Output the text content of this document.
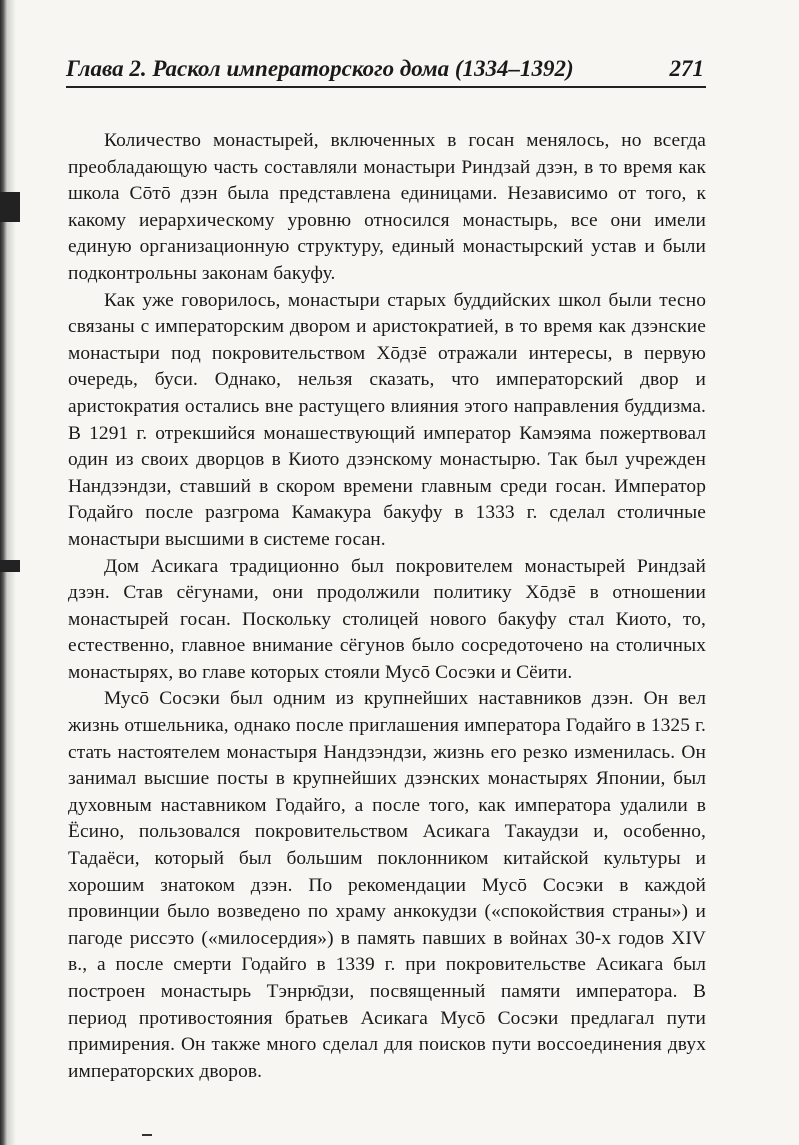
Глава 2. Раскол императорского дома (1334–1392)	271

Количество монастырей, включенных в госан менялось, но всегда преобладающую часть составляли монастыри Риндзай дзэн, в то время как школа Сōтō дзэн была представлена единицами. Независимо от того, к какому иерархическому уровню относился монастырь, все они имели единую организационную структуру, единый монастырский устав и были подконтрольны законам бакуфу.

Как уже говорилось, монастыри старых буддийских школ были тесно связаны с императорским двором и аристократией, в то время как дзэнские монастыри под покровительством Хōдзē отражали интересы, в первую очередь, буси. Однако, нельзя сказать, что императорский двор и аристократия остались вне растущего влияния этого направления буддизма. В 1291 г. отрекшийся монашествующий император Камэяма пожертвовал один из своих дворцов в Киото дзэнскому монастырю. Так был учрежден Нандзэндзи, ставший в скором времени главным среди госан. Император Годайго после разгрома Камакура бакуфу в 1333 г. сделал столичные монастыри высшими в системе госан.

Дом Асикага традиционно был покровителем монастырей Риндзай дзэн. Став сёгунами, они продолжили политику Хōдзē в отношении монастырей госан. Поскольку столицей нового бакуфу стал Киото, то, естественно, главное внимание сёгунов было сосредоточено на столичных монастырях, во главе которых стояли Мусō Сосэки и Сёити.

Мусō Сосэки был одним из крупнейших наставников дзэн. Он вел жизнь отшельника, однако после приглашения императора Годайго в 1325 г. стать настоятелем монастыря Нандзэндзи, жизнь его резко изменилась. Он занимал высшие посты в крупнейших дзэнских монастырях Японии, был духовным наставником Годайго, а после того, как императора удалили в Ёсино, пользовался покровительством Асикага Такаудзи и, особенно, Тадаёси, который был большим поклонником китайской культуры и хорошим знатоком дзэн. По рекомендации Мусō Сосэки в каждой провинции было возведено по храму анкокудзи («спокойствия страны») и пагоде риссэто («милосердия») в память павших в войнах 30-х годов XIV в., а после смерти Годайго в 1339 г. при покровительстве Асикага был построен монастырь Тэнрю̄дзи, посвященный памяти императора. В период противостояния братьев Асикага Мусō Сосэки предлагал пути примирения. Он также много сделал для поисков пути воссоединения двух императорских дворов.
